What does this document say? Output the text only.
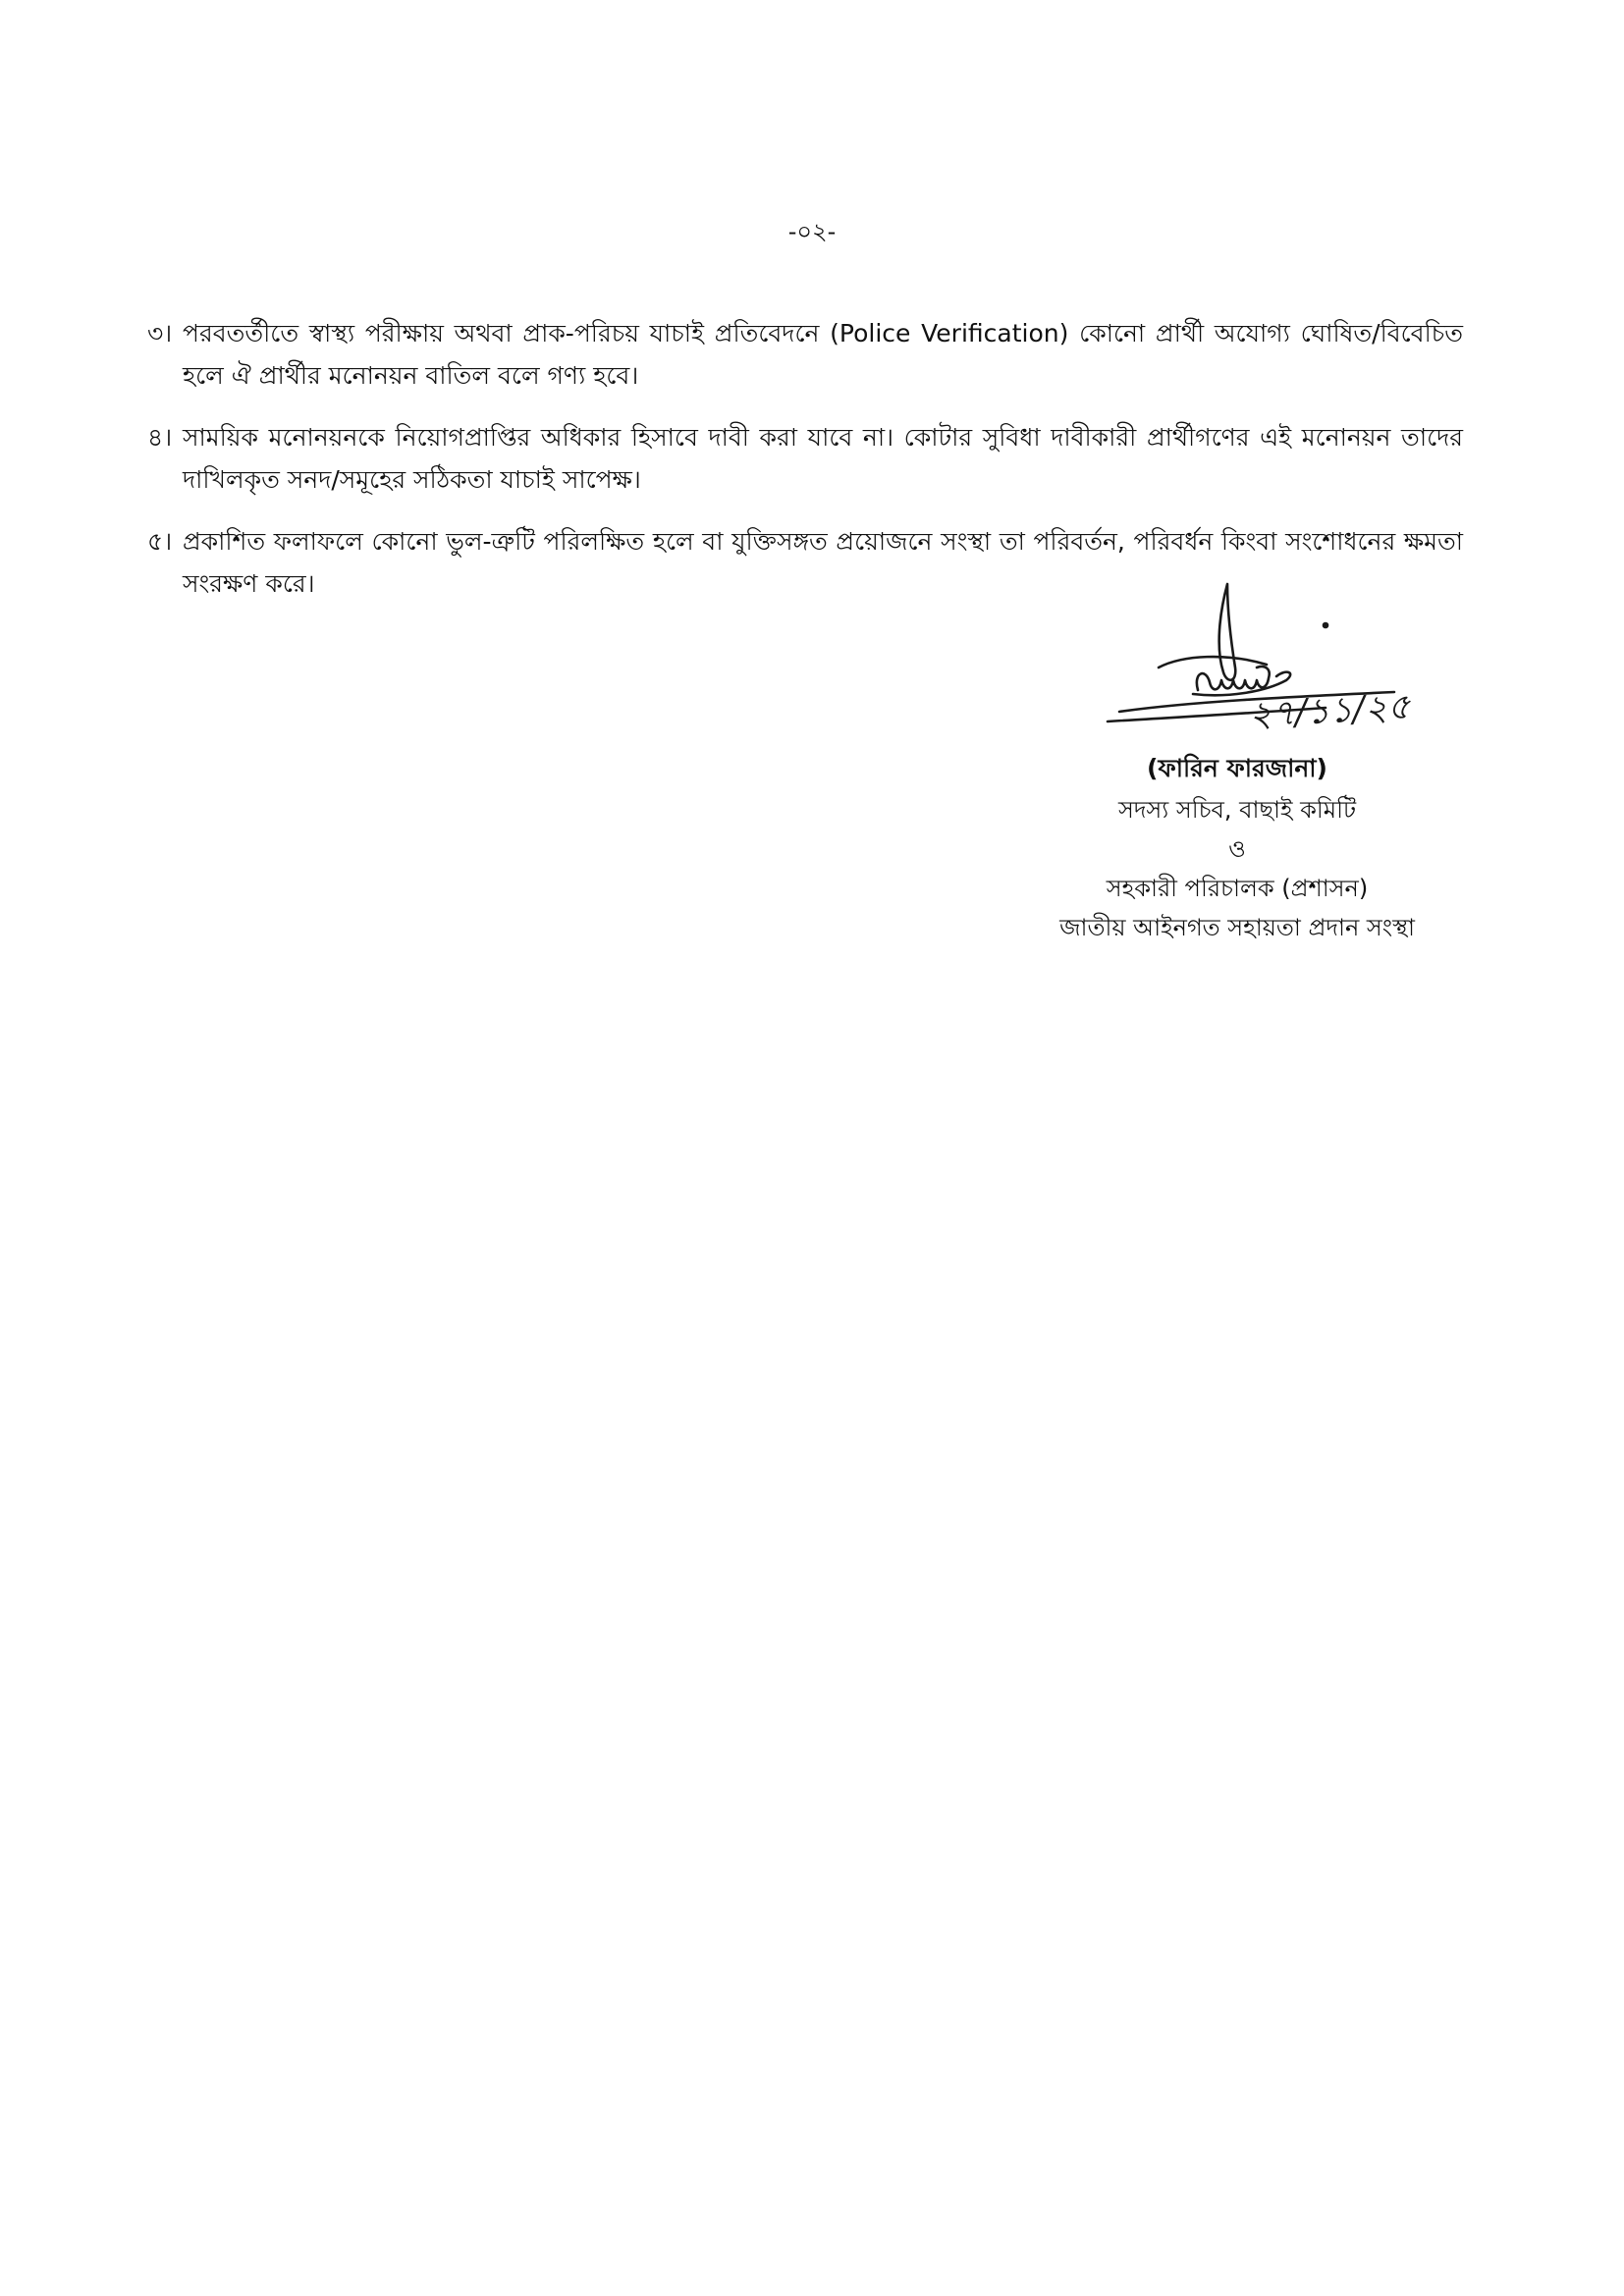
-০২-
৩। পরবতর্তীতে স্বাস্থ্য পরীক্ষায় অথবা প্রাক-পরিচয় যাচাই প্রতিবেদনে (Police Verification) কোনো প্রার্থী অযোগ্য ঘোষিত/বিবেচিত হলে ঐ প্রার্থীর মনোনয়ন বাতিল বলে গণ্য হবে।
৪। সাময়িক মনোনয়নকে নিয়োগপ্রাপ্তির অধিকার হিসাবে দাবী করা যাবে না। কোটার সুবিধা দাবীকারী প্রার্থীগণের এই মনোনয়ন তাদের দাখিলকৃত সনদ/সমূহের সঠিকতা যাচাই সাপেক্ষ।
৫। প্রকাশিত ফলাফলে কোনো ভুল-ত্রুটি পরিলক্ষিত হলে বা যুক্তিসঙ্গত প্রয়োজনে সংস্থা তা পরিবর্তন, পরিবর্ধন কিংবা সংশোধনের ক্ষমতা সংরক্ষণ করে।
২৭/১১/২৫
(ফারিন ফারজানা)
সদস্য সচিব, বাছাই কমিটি
ও
সহকারী পরিচালক (প্রশাসন)
জাতীয় আইনগত সহায়তা প্রদান সংস্থা
